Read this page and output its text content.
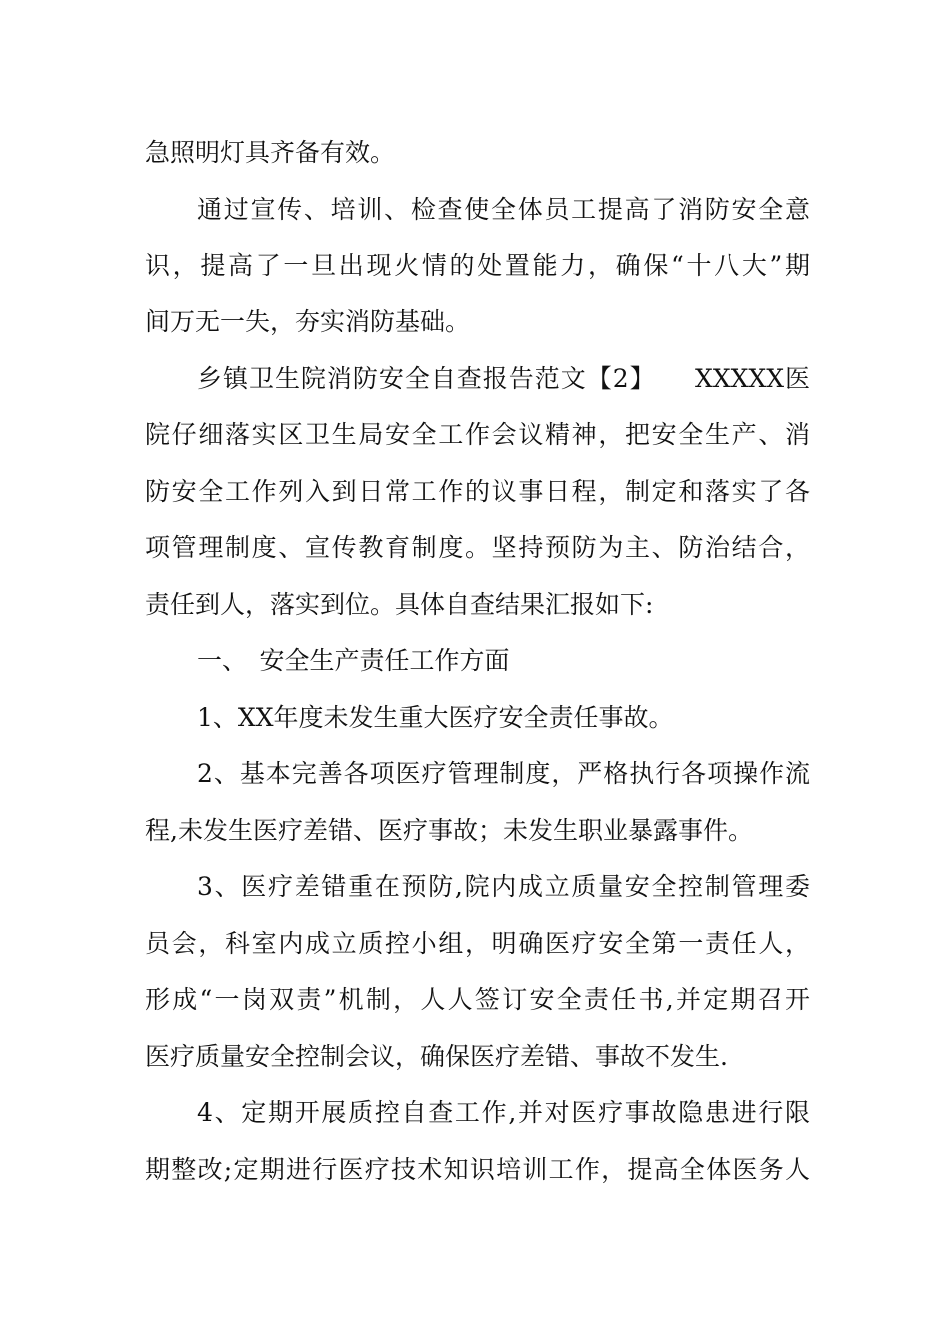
急照明灯具齐备有效。
通过宣传、培训、检查使全体员工提高了消防安全意
识，提高了一旦出现火情的处置能力，确保“十八大”期
间万无一失，夯实消防基础。
乡镇卫生院消防安全自查报告范文【2】　　XXXXX医
院仔细落实区卫生局安全工作会议精神，把安全生产、消
防安全工作列入到日常工作的议事日程，制定和落实了各
项管理制度、宣传教育制度。坚持预防为主、防治结合，
责任到人，落实到位。具体自查结果汇报如下:
一、　安全生产责任工作方面
1、XX年度未发生重大医疗安全责任事故。
2、基本完善各项医疗管理制度，严格执行各项操作流
程,未发生医疗差错、医疗事故；未发生职业暴露事件。
3、医疗差错重在预防,院内成立质量安全控制管理委
员会，科室内成立质控小组，明确医疗安全第一责任人，
形成“一岗双责”机制，人人签订安全责任书,并定期召开
医疗质量安全控制会议，确保医疗差错、事故不发生.
4、定期开展质控自查工作,并对医疗事故隐患进行限
期整改;定期进行医疗技术知识培训工作，提高全体医务人
